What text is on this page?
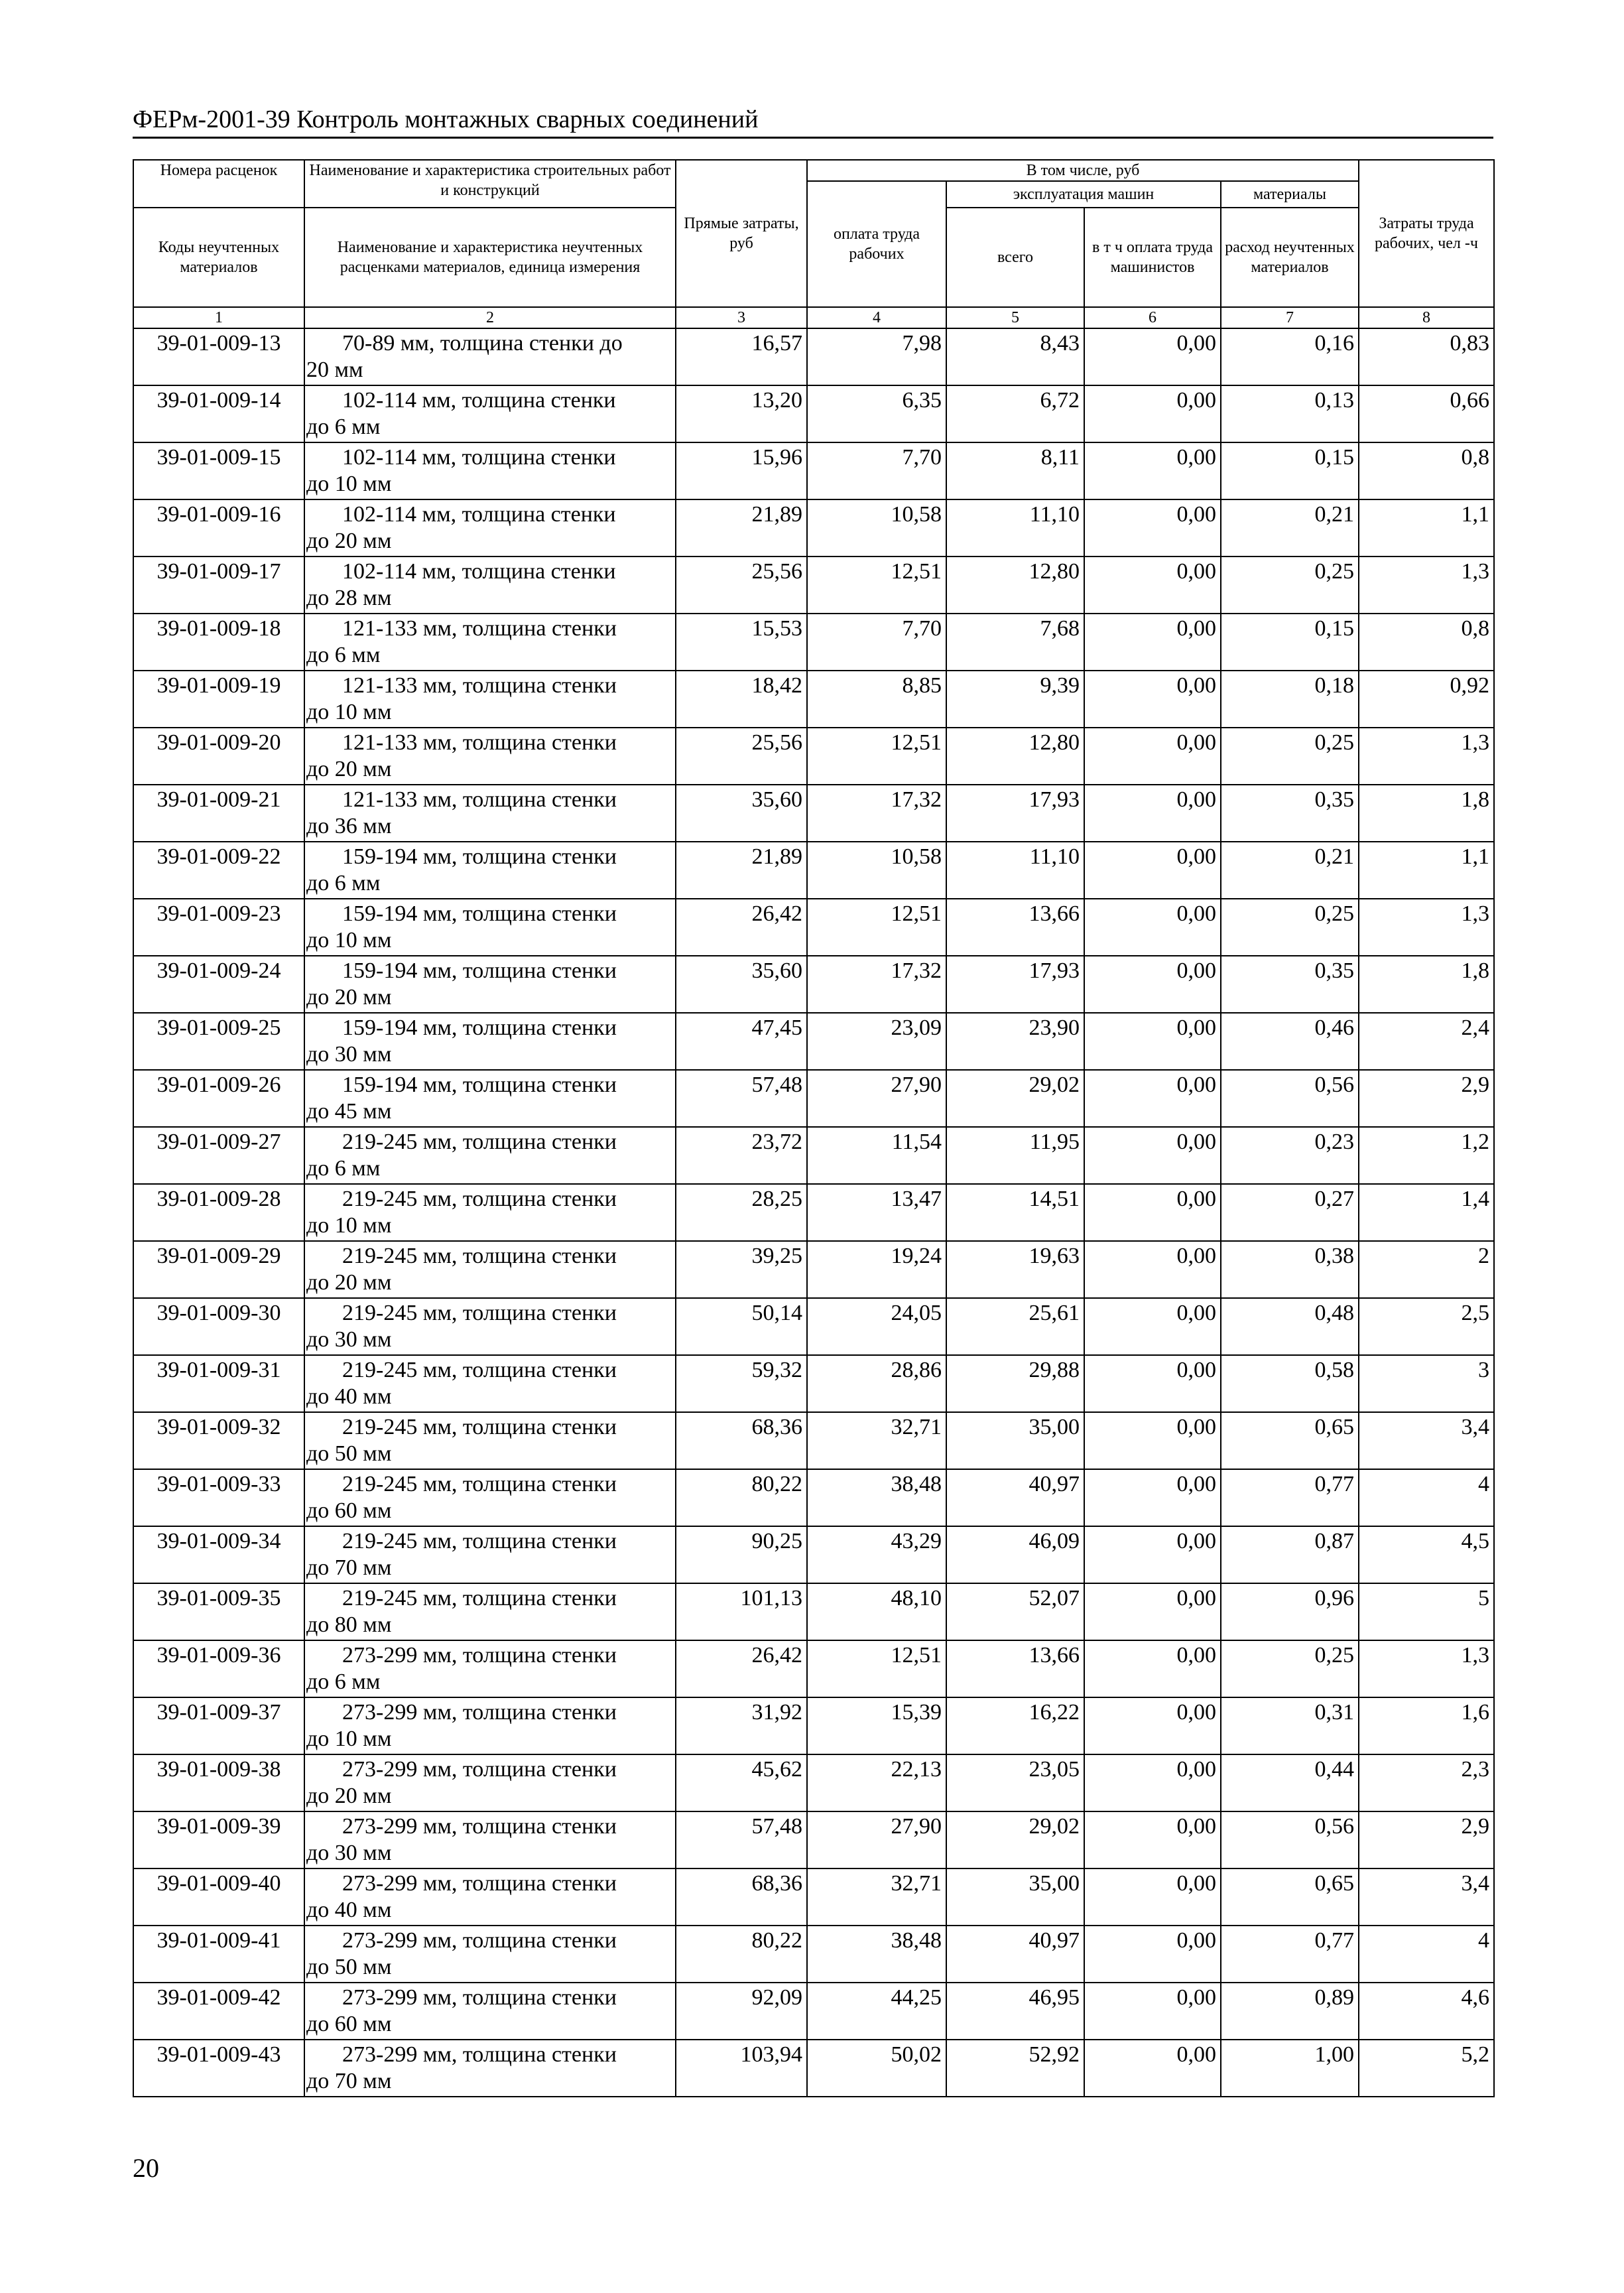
ФЕРм-2001-39 Контроль монтажных сварных соединений
Номера расценок	Наименование и характеристика строительных работ и конструкций	Прямые затраты, руб	В том числе, руб				Затраты труда рабочих, чел -ч
			оплата труда рабочих	эксплуатация машин		материалы	
Коды неучтенных материалов	Наименование и характеристика неучтенных расценками материалов, единица измерения			всего	в т ч оплата труда машинистов	расход неучтенных материалов	
1	2	3	4	5	6	7	8
39-01-009-13	70-89 мм, толщина стенки до
20 мм	16,57	7,98	8,43	0,00	0,16	0,83
39-01-009-14	102-114 мм, толщина стенки
до 6 мм	13,20	6,35	6,72	0,00	0,13	0,66
39-01-009-15	102-114 мм, толщина стенки
до 10 мм	15,96	7,70	8,11	0,00	0,15	0,8
39-01-009-16	102-114 мм, толщина стенки
до 20 мм	21,89	10,58	11,10	0,00	0,21	1,1
39-01-009-17	102-114 мм, толщина стенки
до 28 мм	25,56	12,51	12,80	0,00	0,25	1,3
39-01-009-18	121-133 мм, толщина стенки
до 6 мм	15,53	7,70	7,68	0,00	0,15	0,8
39-01-009-19	121-133 мм, толщина стенки
до 10 мм	18,42	8,85	9,39	0,00	0,18	0,92
39-01-009-20	121-133 мм, толщина стенки
до 20 мм	25,56	12,51	12,80	0,00	0,25	1,3
39-01-009-21	121-133 мм, толщина стенки
до 36 мм	35,60	17,32	17,93	0,00	0,35	1,8
39-01-009-22	159-194 мм, толщина стенки
до 6 мм	21,89	10,58	11,10	0,00	0,21	1,1
39-01-009-23	159-194 мм, толщина стенки
до 10 мм	26,42	12,51	13,66	0,00	0,25	1,3
39-01-009-24	159-194 мм, толщина стенки
до 20 мм	35,60	17,32	17,93	0,00	0,35	1,8
39-01-009-25	159-194 мм, толщина стенки
до 30 мм	47,45	23,09	23,90	0,00	0,46	2,4
39-01-009-26	159-194 мм, толщина стенки
до 45 мм	57,48	27,90	29,02	0,00	0,56	2,9
39-01-009-27	219-245 мм, толщина стенки
до 6 мм	23,72	11,54	11,95	0,00	0,23	1,2
39-01-009-28	219-245 мм, толщина стенки
до 10 мм	28,25	13,47	14,51	0,00	0,27	1,4
39-01-009-29	219-245 мм, толщина стенки
до 20 мм	39,25	19,24	19,63	0,00	0,38	2
39-01-009-30	219-245 мм, толщина стенки
до 30 мм	50,14	24,05	25,61	0,00	0,48	2,5
39-01-009-31	219-245 мм, толщина стенки
до 40 мм	59,32	28,86	29,88	0,00	0,58	3
39-01-009-32	219-245 мм, толщина стенки
до 50 мм	68,36	32,71	35,00	0,00	0,65	3,4
39-01-009-33	219-245 мм, толщина стенки
до 60 мм	80,22	38,48	40,97	0,00	0,77	4
39-01-009-34	219-245 мм, толщина стенки
до 70 мм	90,25	43,29	46,09	0,00	0,87	4,5
39-01-009-35	219-245 мм, толщина стенки
до 80 мм	101,13	48,10	52,07	0,00	0,96	5
39-01-009-36	273-299 мм, толщина стенки
до 6 мм	26,42	12,51	13,66	0,00	0,25	1,3
39-01-009-37	273-299 мм, толщина стенки
до 10 мм	31,92	15,39	16,22	0,00	0,31	1,6
39-01-009-38	273-299 мм, толщина стенки
до 20 мм	45,62	22,13	23,05	0,00	0,44	2,3
39-01-009-39	273-299 мм, толщина стенки
до 30 мм	57,48	27,90	29,02	0,00	0,56	2,9
39-01-009-40	273-299 мм, толщина стенки
до 40 мм	68,36	32,71	35,00	0,00	0,65	3,4
39-01-009-41	273-299 мм, толщина стенки
до 50 мм	80,22	38,48	40,97	0,00	0,77	4
39-01-009-42	273-299 мм, толщина стенки
до 60 мм	92,09	44,25	46,95	0,00	0,89	4,6
39-01-009-43	273-299 мм, толщина стенки
до 70 мм	103,94	50,02	52,92	0,00	1,00	5,2
20
